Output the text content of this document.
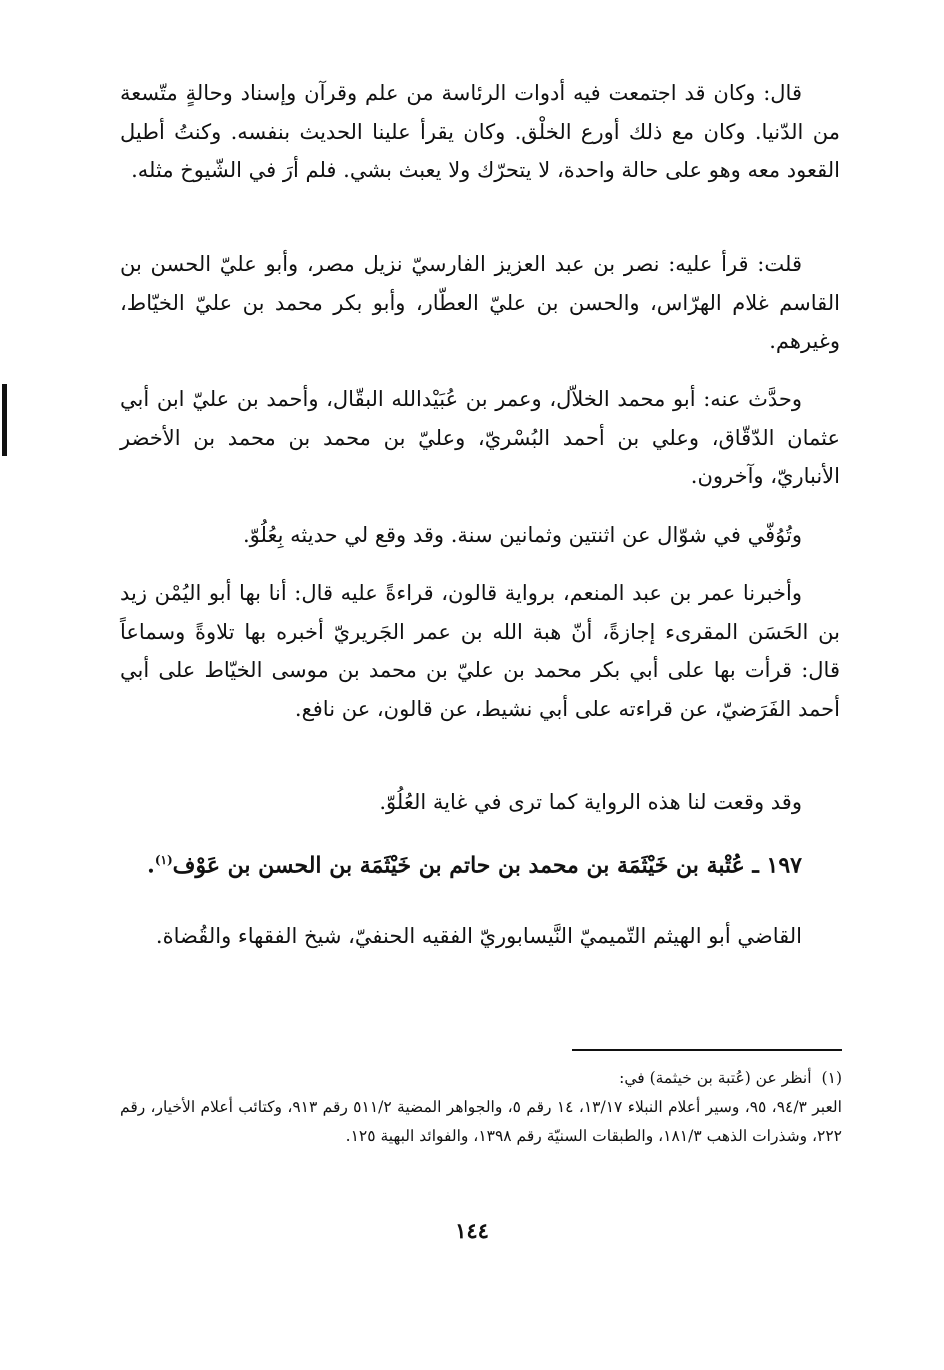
قال: وكان قد اجتمعت فيه أدوات الرئاسة من علم وقرآن وإسناد وحالةٍ متّسعة من الدّنيا. وكان مع ذلك أورع الخلْق. وكان يقرأ علينا الحديث بنفسه. وكنتُ أطيل القعود معه وهو على حالة واحدة، لا يتحرّك ولا يعبث بشي. فلم أرَ في الشّيوخ مثله.

قلت: قرأ عليه: نصر بن عبد العزيز الفارسيّ نزيل مصر، وأبو عليّ الحسن بن القاسم غلام الهرّاس، والحسن بن عليّ العطّار، وأبو بكر محمد بن عليّ الخيّاط، وغيرهم.

وحدَّث عنه: أبو محمد الخلاّل، وعمر بن عُبَيْدالله البقّال، وأحمد بن عليّ ابن أبي عثمان الدّقّاق، وعلي بن أحمد البُسْريّ، وعليّ بن محمد بن محمد بن الأخضر الأنباريّ، وآخرون.

وتُوُفّي في شوّال عن اثنتين وثمانين سنة. وقد وقع لي حديثه بِعُلُوّ.

وأخبرنا عمر بن عبد المنعم، برواية قالون، قراءةً عليه قال: أنا بها أبو اليُمْن زيد بن الحَسَن المقرىء إجازةً، أنّ هبة الله بن عمر الجَريريّ أخبره بها تلاوةً وسماعاً قال: قرأت بها على أبي بكر محمد بن عليّ بن محمد بن موسى الخيّاط على أبي أحمد الفَرَضيّ، عن قراءته على أبي نشيط، عن قالون، عن نافع.

وقد وقعت لنا هذه الرواية كما ترى في غاية العُلُوّ.

١٩٧ ـ عُتْبة بن خَيْثَمَة بن محمد بن حاتم بن خَيْثَمَة بن الحسن بن عَوْف$^{(١)}$.

القاضي أبو الهيثم التّميميّ النَّيسابوريّ الفقيه الحنفيّ، شيخ الفقهاء والقُضاة.

(١)أنظر عن (عُتبة بن خيثمة) في:

العبر ٩٤/٣، ٩٥، وسير أعلام النبلاء ١٣/١٧، ١٤ رقم ٥، والجواهر المضية ٥١١/٢ رقم ٩١٣، وكتائب أعلام الأخيار، رقم ٢٢٢، وشذرات الذهب ١٨١/٣، والطبقات السنيّة رقم ١٣٩٨، والفوائد البهية ١٢٥.

١٤٤
